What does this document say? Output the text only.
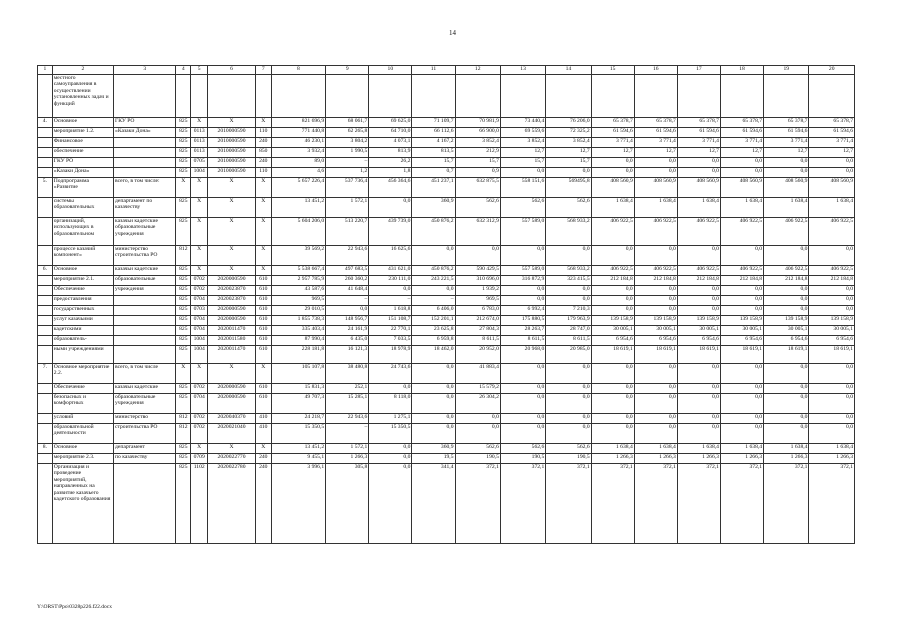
14
1	2	3	4	5	6	7	8	9	10	11	12	13	14	15	16	17	18	19	20
	местного самоуправления в осуществлении установленных задач и функций																		
4.	Основное	ГКУ РО	825	X	X	X	821 696,9	68 061,7	69 625,0	71 109,7	70 981,9	73 440,4	76 206,0	65 378,7	65 378,7	65 378,7	65 378,7	65 378,7	65 378,7
	мероприятие 1.2.	«Казаки Дона»	825	0113	2010000590	110	771 440,8	62 265,8	64 710,0	66 112,6	66 900,0	69 559,6	72 325,2	61 594,6	61 594,6	61 594,6	61 594,6	61 594,6	61 594,6
	Финансовое		825	0113	2010000590	240	46 230,1	3 804,2	4 073,1	4 167,2	3 852,4	3 852,4	3 852,4	3 771,4	3 771,4	3 771,4	3 771,4	3 771,4	3 771,4
	обеспечение		825	0113	2010000590	850	3 932,4	1 990,5	813,9	813,5	212,9	12,7	12,7	12,7	12,7	12,7	12,7	12,7	12,7
	ГКУ РО		825	0705	2010000590	240	89,0	–	26,2	15,7	15,7	15,7	15,7	0,0	0,0	0,0	0,0	0,0	0,0
	«Казаки Дона»		825	1004	2010000590	110	4,6	1,2	1,8	0,7	0,9	0,0	0,0	0,0	0,0	0,0	0,0	0,0	0,0
5.	Подпрограмма «Развитие	всего, в том числе:	X	X	X	X	5 657 226,4	537 736,4	456 364,6	451 237,1	632 875,5	558 151,6	569495,8	408 560,9	408 560,9	408 560,9	408 560,9	408 560,9	408 560,9
	системы образовательных	департамент по казачеству	825	X	X	X	13 451,2	1 572,1	0,0	360,9	562,6	562,6	562,6	1 638,4	1 638,4	1 638,4	1 638,4	1 638,4	1 638,4
	организаций, использующих в образовательном	казачьи кадетские образовательные учреждения	825	X	X	X	5 604 206,0	513 220,7	439 739,0	450 876,2	632 312,9	557 589,0	568 933,2	406 922,5	406 922,5	406 922,5	406 922,5	406 922,5	406 922,5
	процессе казачий компонент»	министерство строительства РО	812	X	X	X	39 569,2	22 943,6	16 625,6	0,0	0,0	0,0	0,0	0,0	0,0	0,0	0,0	0,0	0,0
6.	Основное	казачьи кадетские	825	X	X	X	5 538 667,4	497 683,5	431 621,0	450 876,2	590 429,5	557 589,0	568 933,2	406 922,5	406 922,5	406 922,5	406 922,5	406 922,5	406 922,5
	мероприятие 2.1.	образовательные	825	0702	2020000590	610	2 957 785,9	260 360,2	230 111,0	243 221,5	310 696,0	316 872,9	323 415,5	212 184,8	212 184,8	212 184,8	212 184,8	212 184,8	212 184,8
	Обеспечение	учреждения	825	0702	2020023870	610	43 587,6	41 648,4	0,0	0,0	1 939,2	0,0	0,0	0,0	0,0	0,0	0,0	0,0	0,0
	предоставления		825	0704	2020023870	610	969,5	–	–	–	969,5	0,0	0,0	0,0	0,0	0,0	0,0	0,0	0,0
	государственных		825	0703	2020000590	610	29 010,5	0,0	1 618,8	6 406,0	6 783,0	6 992,4	7 210,3	0,0	0,0	0,0	0,0	0,0	0,0
	услуг казачьими		825	0704	2020000590	610	1 855 738,3	148 956,7	151 108,7	152 201,1	212 674,0	175 880,5	179 963,9	139 158,9	139 158,9	139 158,9	139 158,9	139 158,9	139 158,9
	кадетскими		825	0704	2020011470	610	335 403,4	24 161,9	22 770,1	23 625,8	27 804,3	28 263,7	28 747,0	30 005,1	30 005,1	30 005,1	30 005,1	30 005,1	30 005,1
	образователь-		825	1004	2020011580	610	87 990,4	6 435,0	7 033,5	6 959,8	8 611,5	8 611,5	8 611,5	6 954,6	6 954,6	6 954,6	6 954,6	6 954,6	6 954,6
	ными учреждениями		825	1004	2020011470	610	228 181,8	16 121,3	18 978,9	18 462,0	20 952,0	20 968,0	20 985,0	18 619,1	18 619,1	18 619,1	18 619,1	18 619,1	18 619,1
7.	Основное мероприятие 2.2.	всего, в том числе	X	X	X	X	105 107,8	38 480,8	24 743,6	0,0	41 883,4	0,0	0,0	0,0	0,0	0,0	0,0	0,0	0,0
	Обеспечение	казачьи кадетские	825	0702	2020000590	610	15 831,3	252,1	0,0	0,0	15 579,2	0,0	0,0	0,0	0,0	0,0	0,0	0,0	0,0
	безопасных и комфортных	образовательные учреждения	825	0704	2020000590	610	49 707,3	15 285,1	8 118,0	0,0	26 304,2	0,0	0,0	0,0	0,0	0,0	0,0	0,0	0,0
	условий	министерство	812	0702	2020040370	410	24 218,7	22 943,6	1 275,1	0,0	0,0	0,0	0,0	0,0	0,0	0,0	0,0	0,0	0,0
	образовательной деятельности	строительства РО	812	0702	2020021040	410	15 350,5	–	15 350,5	0,0	0,0	0,0	0,0	0,0	0,0	0,0	0,0	0,0	0,0
8.	Основное	департамент	825	X	X	X	13 451,2	1 572,1	0,0	360,9	562,6	562,6	562,6	1 638,4	1 638,4	1 638,4	1 638,4	1 638,4	1 638,4
	мероприятие 2.3.	по казачеству	825	0709	2020022770	240	9 455,1	1 266,3	0,0	19,5	190,5	190,5	190,5	1 266,3	1 266,3	1 266,3	1 266,3	1 266,3	1 266,3
	Организация и проведение мероприятий, направленных на развитие казачьего кадетского образования		825	1102	2020022780	240	3 996,1	305,8	0,0	341,4	372,1	372,1	372,1	372,1	372,1	372,1	372,1	372,1	372,1
Y:\ORST\Ppo\0328p226.f22.docx
